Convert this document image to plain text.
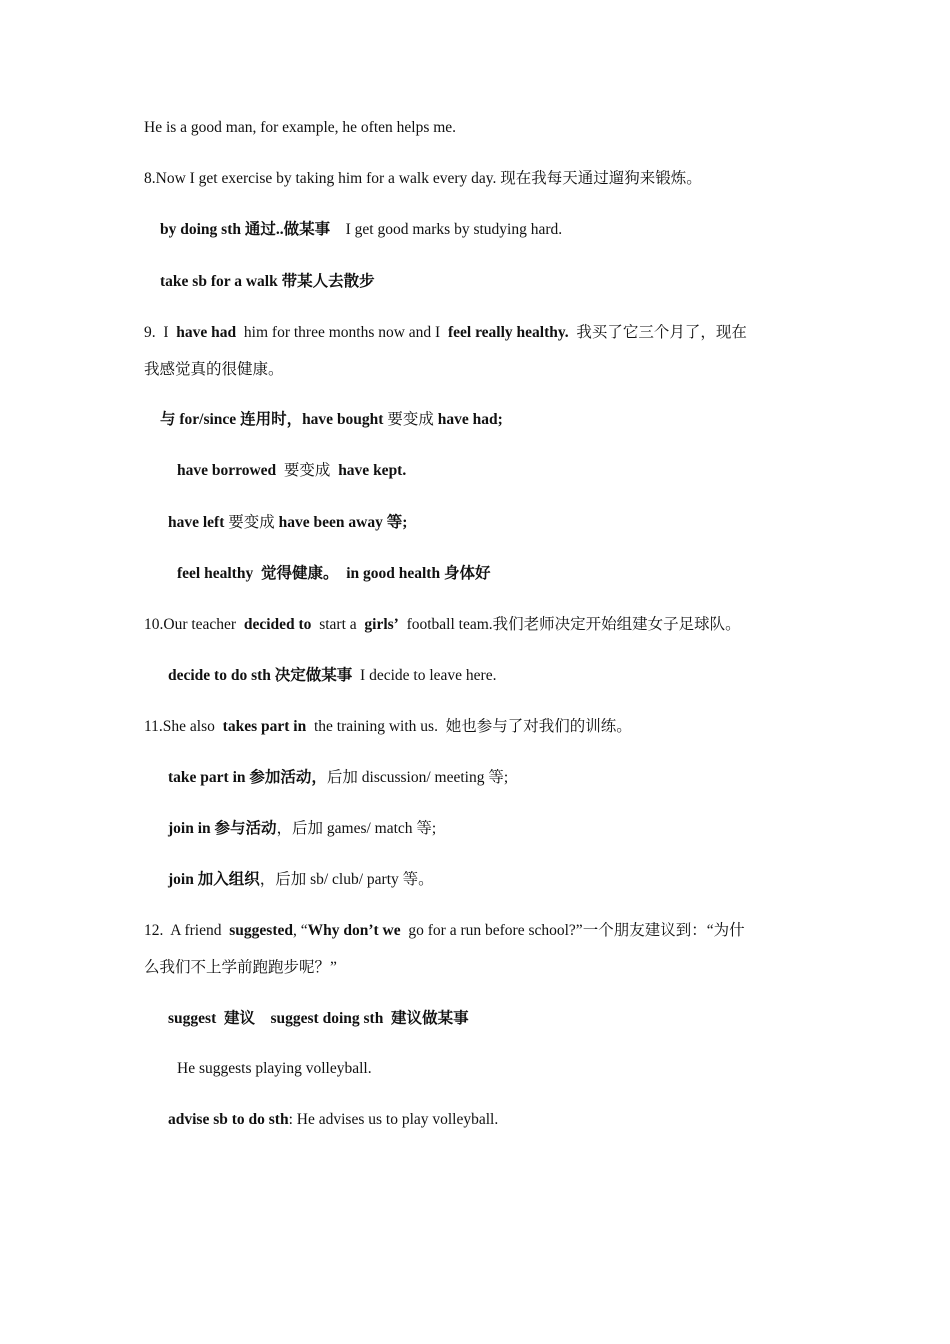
He is a good man, for example, he often helps me.
8.Now I get exercise by taking him for a walk every day. 现在我每天通过遛狗来锻炼。
by doing sth 通过..做某事    I get good marks by studying hard.
take sb for a walk 带某人去散步
9.  I  have had  him for three months now and I  feel really healthy.  我买了它三个月了，现在
我感觉真的很健康。
与 for/since 连用时，have bought 要变成 have had;
have borrowed  要变成  have kept.
have left 要变成 have been away 等;
feel healthy  觉得健康。  in good health 身体好
10.Our teacher  decided to  start a  girls’  football team.我们老师决定开始组建女子足球队。
decide to do sth 决定做某事  I decide to leave here.
11.She also  takes part in  the training with us.  她也参与了对我们的训练。
take part in 参加活动，后加 discussion/ meeting 等;
join in 参与活动，后加 games/ match 等;
join 加入组织，后加 sb/ club/ party 等。
12.  A friend  suggested, “Why don’t we  go for a run before school?”一个朋友建议到：“为什
么我们不上学前跑跑步呢？”
suggest  建议    suggest doing sth  建议做某事
He suggests playing volleyball.
advise sb to do sth: He advises us to play volleyball.
